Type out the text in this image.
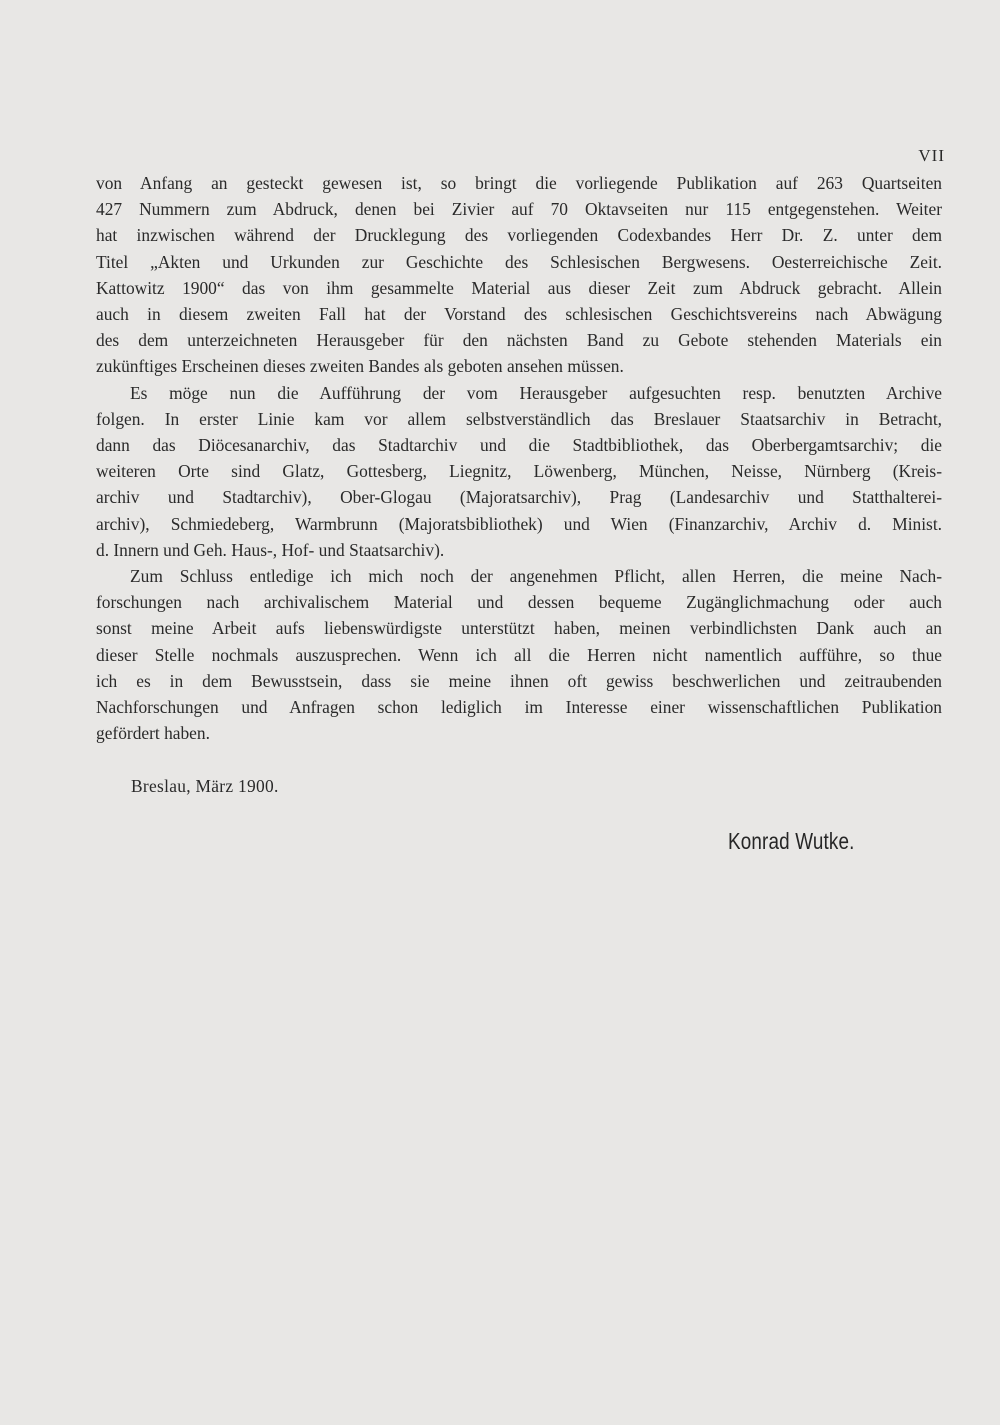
VII

von Anfang an gesteckt gewesen ist, so bringt die vorliegende Publikation auf 263 Quartseiten
427 Nummern zum Abdruck, denen bei Zivier auf 70 Oktavseiten nur 115 entgegenstehen. Weiter
hat inzwischen während der Drucklegung des vorliegenden Codexbandes Herr Dr. Z. unter dem
Titel „Akten und Urkunden zur Geschichte des Schlesischen Bergwesens. Oesterreichische Zeit.
Kattowitz 1900“ das von ihm gesammelte Material aus dieser Zeit zum Abdruck gebracht. Allein
auch in diesem zweiten Fall hat der Vorstand des schlesischen Geschichtsvereins nach Abwägung
des dem unterzeichneten Herausgeber für den nächsten Band zu Gebote stehenden Materials ein
zukünftiges Erscheinen dieses zweiten Bandes als geboten ansehen müssen.

Es möge nun die Aufführung der vom Herausgeber aufgesuchten resp. benutzten Archive
folgen. In erster Linie kam vor allem selbstverständlich das Breslauer Staatsarchiv in Betracht,
dann das Diöcesanarchiv, das Stadtarchiv und die Stadtbibliothek, das Oberbergamtsarchiv; die
weiteren Orte sind Glatz, Gottesberg, Liegnitz, Löwenberg, München, Neisse, Nürnberg (Kreis-
archiv und Stadtarchiv), Ober-Glogau (Majoratsarchiv), Prag (Landesarchiv und Statthalterei-
archiv), Schmiedeberg, Warmbrunn (Majoratsbibliothek) und Wien (Finanzarchiv, Archiv d. Minist.
d. Innern und Geh. Haus-, Hof- und Staatsarchiv).

Zum Schluss entledige ich mich noch der angenehmen Pflicht, allen Herren, die meine Nach-
forschungen nach archivalischem Material und dessen bequeme Zugänglichmachung oder auch
sonst meine Arbeit aufs liebenswürdigste unterstützt haben, meinen verbindlichsten Dank auch an
dieser Stelle nochmals auszusprechen. Wenn ich all die Herren nicht namentlich aufführe, so thue
ich es in dem Bewusstsein, dass sie meine ihnen oft gewiss beschwerlichen und zeitraubenden
Nachforschungen und Anfragen schon lediglich im Interesse einer wissenschaftlichen Publikation
gefördert haben.

Breslau, März 1900.
Konrad Wutke.
